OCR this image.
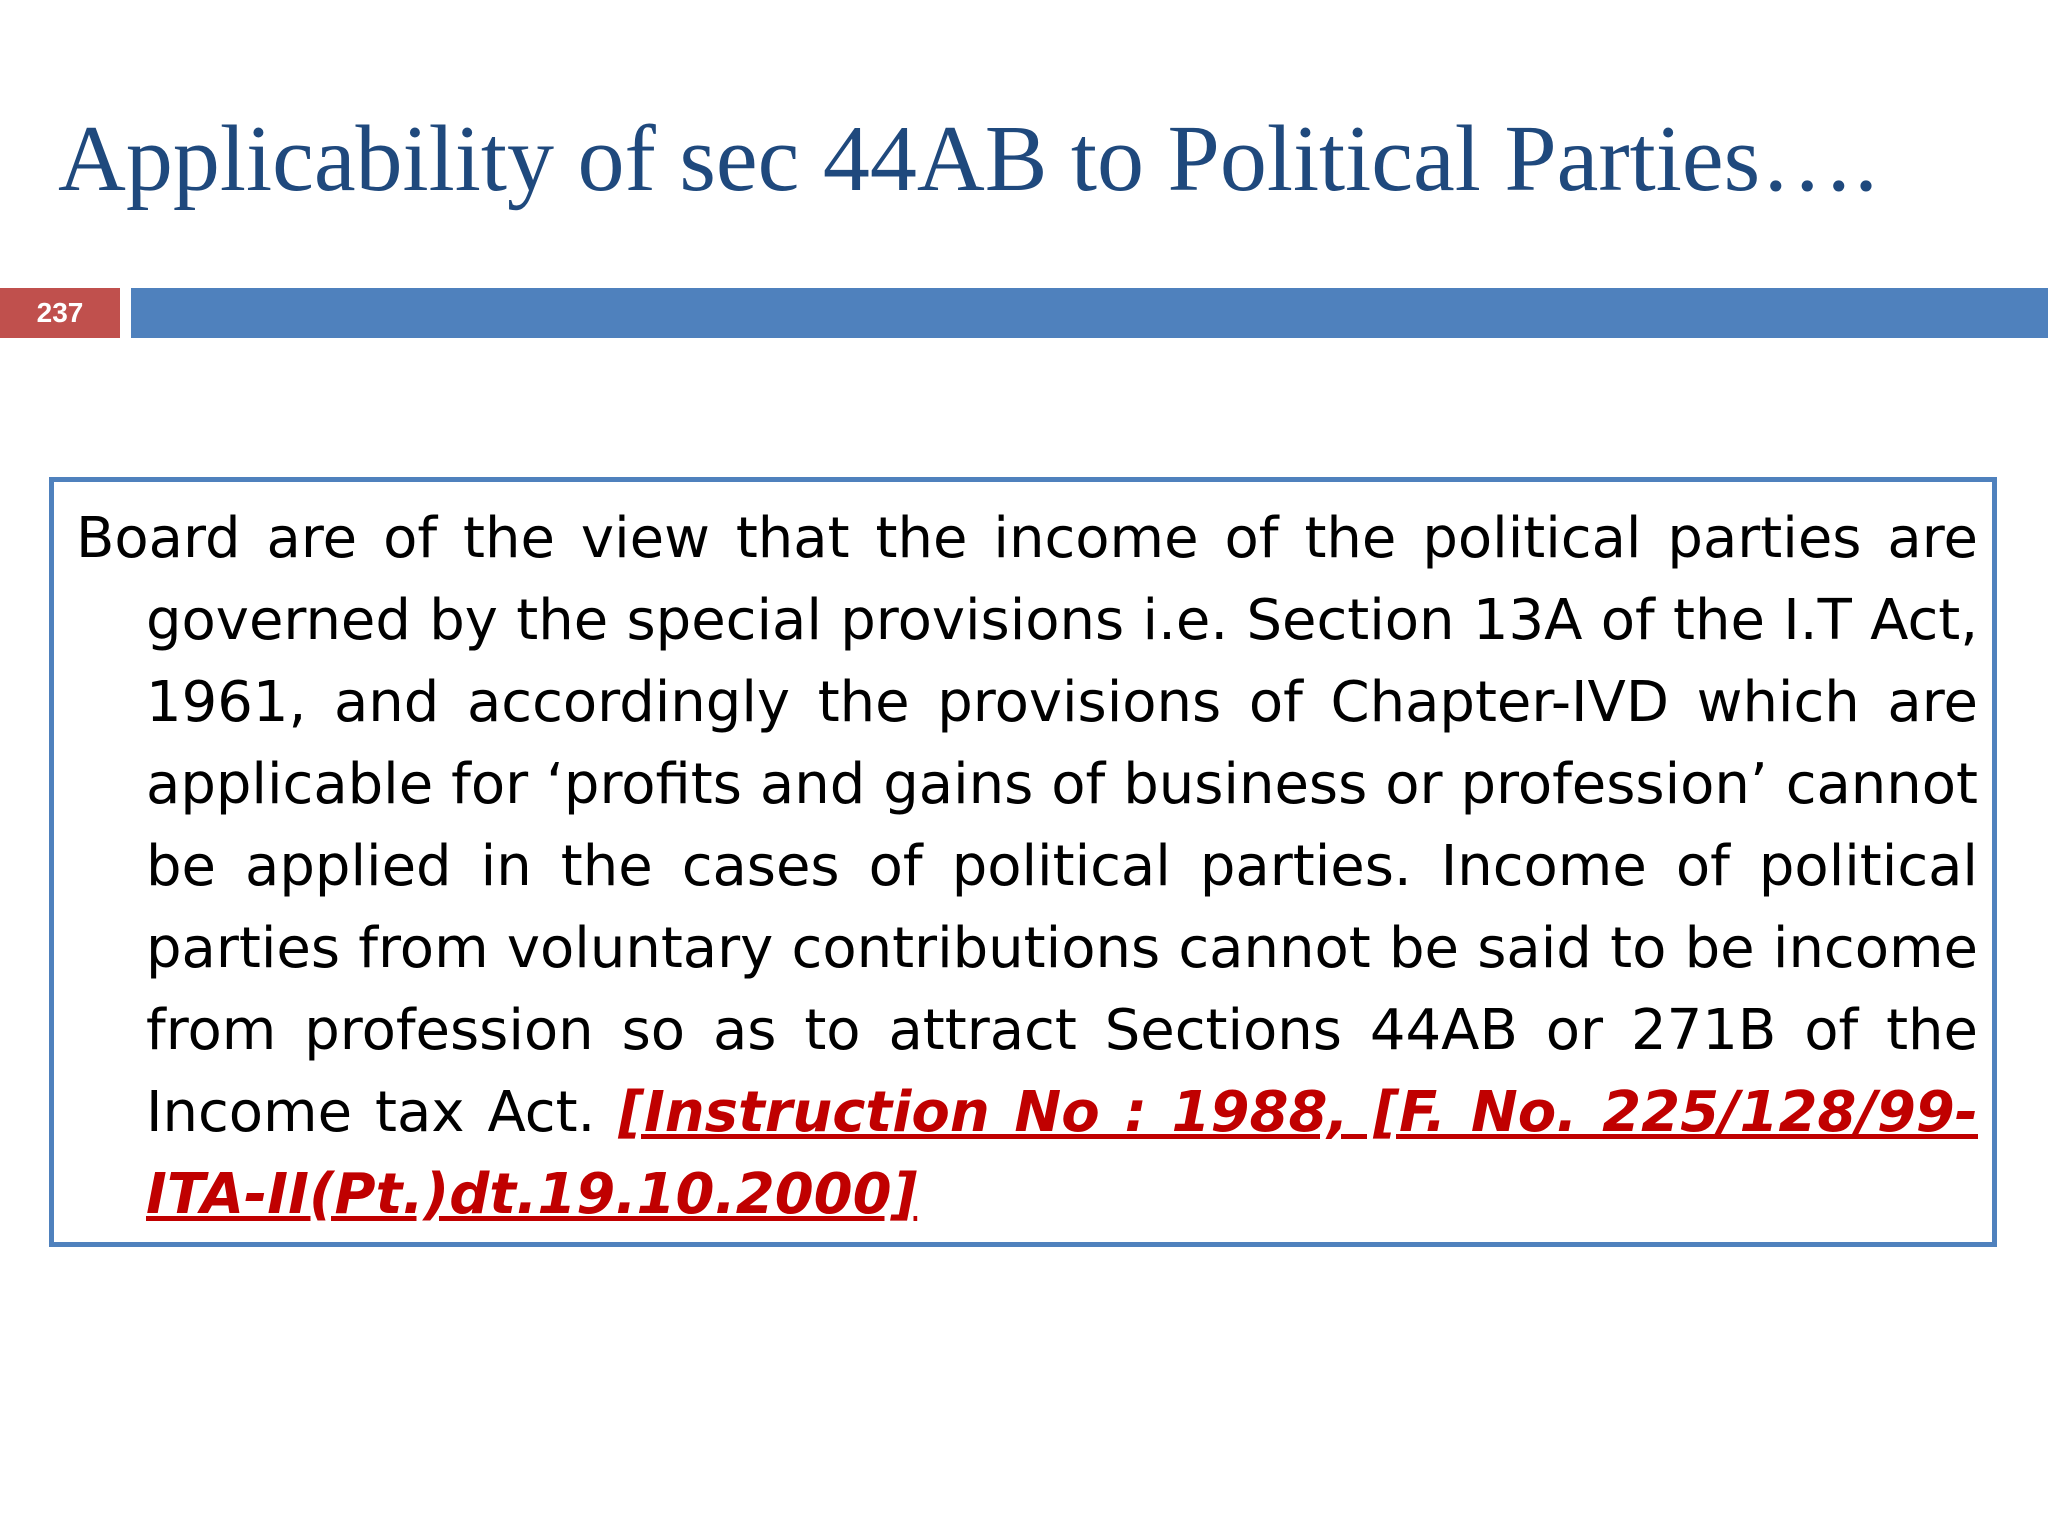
Applicability of sec 44AB to Political Parties….
237

Board are of the view that the income of the political parties are governed by the special provisions i.e. Section 13A of the I.T Act, 1961, and accordingly the provisions of Chapter-IVD which are applicable for ‘profits and gains of business or profession’ cannot be applied in the cases of political parties. Income of political parties from voluntary contributions cannot be said to be income from profession so as to attract Sections 44AB or 271B of the Income tax Act. [Instruction No : 1988, [F. No. 225/128/99-ITA-II(Pt.)dt.19.10.2000]
